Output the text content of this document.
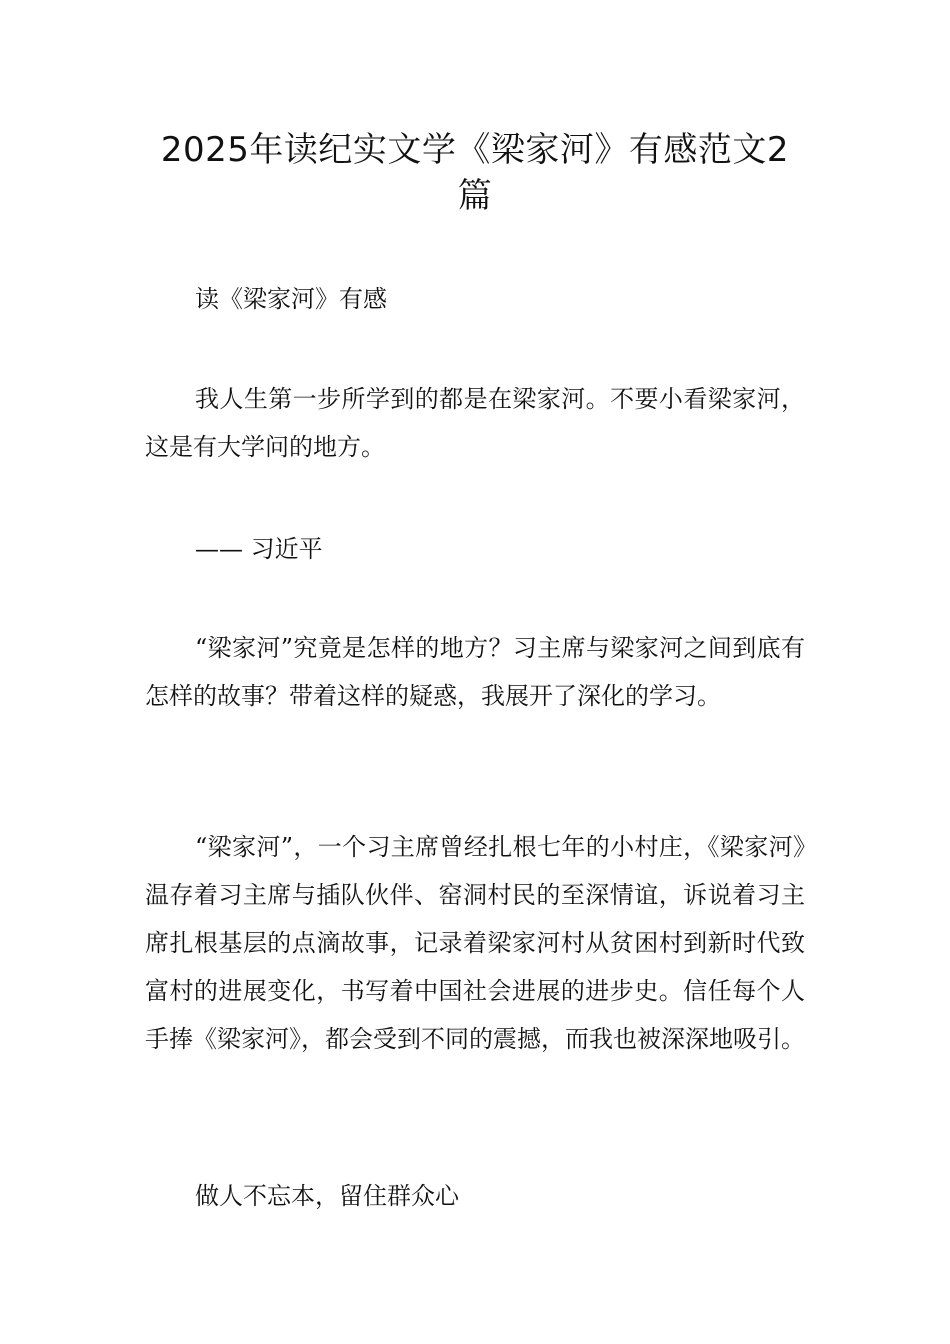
2025年读纪实文学《梁家河》有感范文2篇

读《梁家河》有感

我人生第一步所学到的都是在梁家河。不要小看梁家河，这是有大学问的地方。

—— 习近平

“梁家河”究竟是怎样的地方？习主席与梁家河之间到底有怎样的故事？带着这样的疑惑，我展开了深化的学习。

“梁家河”，一个习主席曾经扎根七年的小村庄，《梁家河》温存着习主席与插队伙伴、窑洞村民的至深情谊，诉说着习主席扎根基层的点滴故事，记录着梁家河村从贫困村到新时代致富村的进展变化，书写着中国社会进展的进步史。信任每个人手捧《梁家河》，都会受到不同的震撼，而我也被深深地吸引。

做人不忘本，留住群众心
